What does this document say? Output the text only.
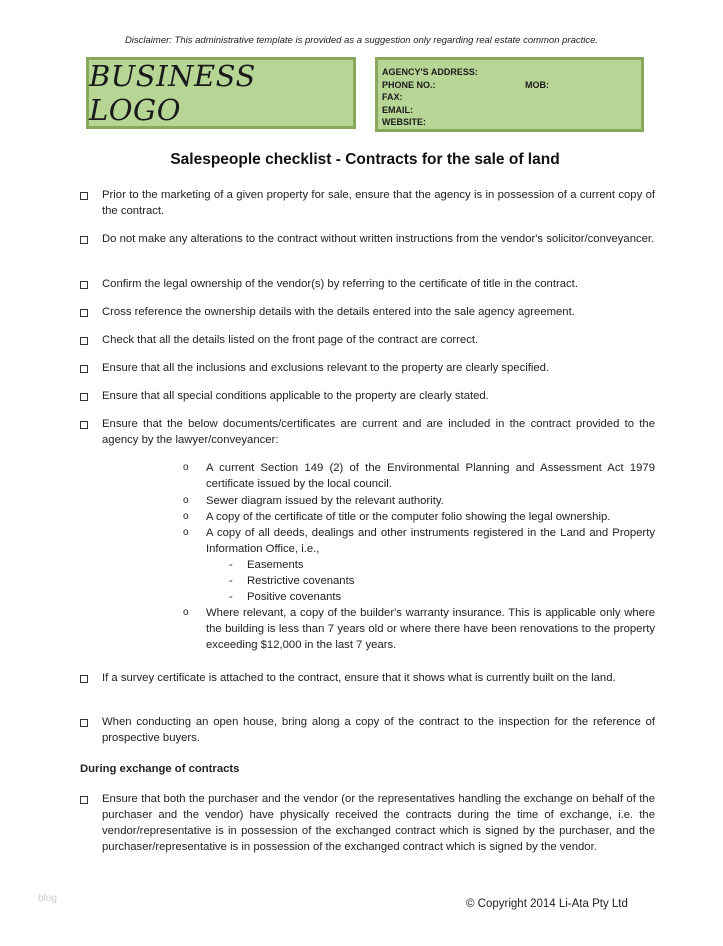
Disclaimer: This administrative template is provided as a suggestion only regarding real estate common practice.
BUSINESS LOGO
AGENCY'S ADDRESS:
PHONE NO.:	MOB:
FAX:
EMAIL:
WEBSITE:
Salespeople checklist - Contracts for the sale of land
Prior to the marketing of a given property for sale, ensure that the agency is in possession of a current copy of the contract.
Do not make any alterations to the contract without written instructions from the vendor's solicitor/conveyancer.
Confirm the legal ownership of the vendor(s) by referring to the certificate of title in the contract.
Cross reference the ownership details with the details entered into the sale agency agreement.
Check that all the details listed on the front page of the contract are correct.
Ensure that all the inclusions and exclusions relevant to the property are clearly specified.
Ensure that all special conditions applicable to the property are clearly stated.
Ensure that the below documents/certificates are current and are included in the contract provided to the agency by the lawyer/conveyancer:
o A current Section 149 (2) of the Environmental Planning and Assessment Act 1979 certificate issued by the local council.
o Sewer diagram issued by the relevant authority.
o A copy of the certificate of title or the computer folio showing the legal ownership.
o A copy of all deeds, dealings and other instruments registered in the Land and Property Information Office, i.e.,
- Easements
- Restrictive covenants
- Positive covenants
o Where relevant, a copy of the builder's warranty insurance. This is applicable only where the building is less than 7 years old or where there have been renovations to the property exceeding $12,000 in the last 7 years.
If a survey certificate is attached to the contract, ensure that it shows what is currently built on the land.
When conducting an open house, bring along a copy of the contract to the inspection for the reference of prospective buyers.
During exchange of contracts
Ensure that both the purchaser and the vendor (or the representatives handling the exchange on behalf of the purchaser and the vendor) have physically received the contracts during the time of exchange, i.e. the vendor/representative is in possession of the exchanged contract which is signed by the purchaser, and the purchaser/representative is in possession of the exchanged contract which is signed by the vendor.
blog	© Copyright 2014 Li-Ata Pty Ltd
